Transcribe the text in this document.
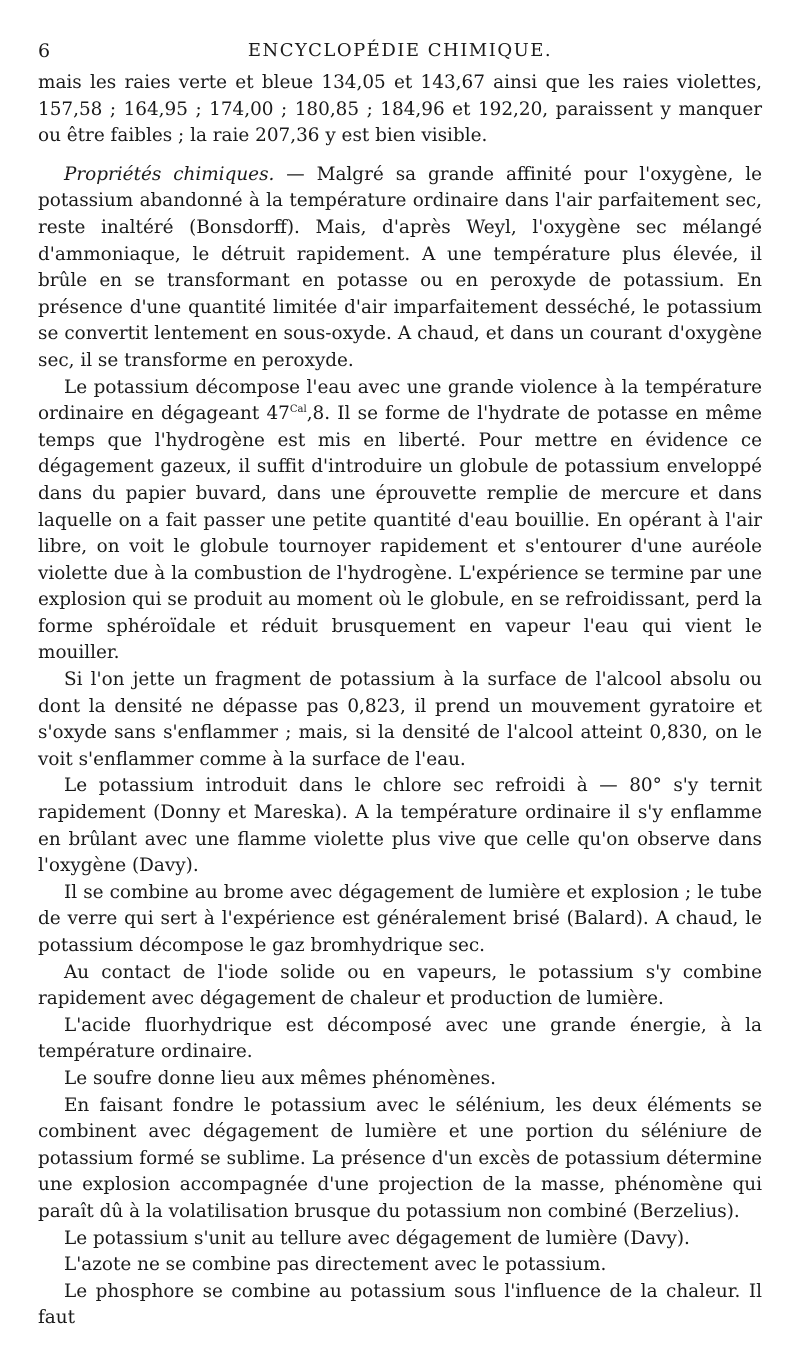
6	ENCYCLOPÉDIE CHIMIQUE.

mais les raies verte et bleue 134,05 et 143,67 ainsi que les raies violettes, 157,58 ; 164,95 ; 174,00 ; 180,85 ; 184,96 et 192,20, paraissent y manquer ou être faibles ; la raie 207,36 y est bien visible.

Propriétés chimiques. — Malgré sa grande affinité pour l'oxygène, le potassium abandonné à la température ordinaire dans l'air parfaitement sec, reste inaltéré (Bonsdorff). Mais, d'après Weyl, l'oxygène sec mélangé d'ammoniaque, le détruit rapidement. A une température plus élevée, il brûle en se transformant en potasse ou en peroxyde de potassium. En présence d'une quantité limitée d'air imparfaitement desséché, le potassium se convertit lentement en sous-oxyde. A chaud, et dans un courant d'oxygène sec, il se transforme en peroxyde.

Le potassium décompose l'eau avec une grande violence à la température ordinaire en dégageant $47^{Cal},8$. Il se forme de l'hydrate de potasse en même temps que l'hydrogène est mis en liberté. Pour mettre en évidence ce dégagement gazeux, il suffit d'introduire un globule de potassium enveloppé dans du papier buvard, dans une éprouvette remplie de mercure et dans laquelle on a fait passer une petite quantité d'eau bouillie. En opérant à l'air libre, on voit le globule tournoyer rapidement et s'entourer d'une auréole violette due à la combustion de l'hydrogène. L'expérience se termine par une explosion qui se produit au moment où le globule, en se refroidissant, perd la forme sphéroïdale et réduit brusquement en vapeur l'eau qui vient le mouiller.

Si l'on jette un fragment de potassium à la surface de l'alcool absolu ou dont la densité ne dépasse pas 0,823, il prend un mouvement gyratoire et s'oxyde sans s'enflammer ; mais, si la densité de l'alcool atteint 0,830, on le voit s'enflammer comme à la surface de l'eau.

Le potassium introduit dans le chlore sec refroidi à — 80° s'y ternit rapidement (Donny et Mareska). A la température ordinaire il s'y enflamme en brûlant avec une flamme violette plus vive que celle qu'on observe dans l'oxygène (Davy).

Il se combine au brome avec dégagement de lumière et explosion ; le tube de verre qui sert à l'expérience est généralement brisé (Balard). A chaud, le potassium décompose le gaz bromhydrique sec.

Au contact de l'iode solide ou en vapeurs, le potassium s'y combine rapidement avec dégagement de chaleur et production de lumière.

L'acide fluorhydrique est décomposé avec une grande énergie, à la température ordinaire.

Le soufre donne lieu aux mêmes phénomènes.

En faisant fondre le potassium avec le sélénium, les deux éléments se combinent avec dégagement de lumière et une portion du séléniure de potassium formé se sublime. La présence d'un excès de potassium détermine une explosion accompagnée d'une projection de la masse, phénomène qui paraît dû à la volatilisation brusque du potassium non combiné (Berzelius).

Le potassium s'unit au tellure avec dégagement de lumière (Davy).

L'azote ne se combine pas directement avec le potassium.

Le phosphore se combine au potassium sous l'influence de la chaleur. Il faut
